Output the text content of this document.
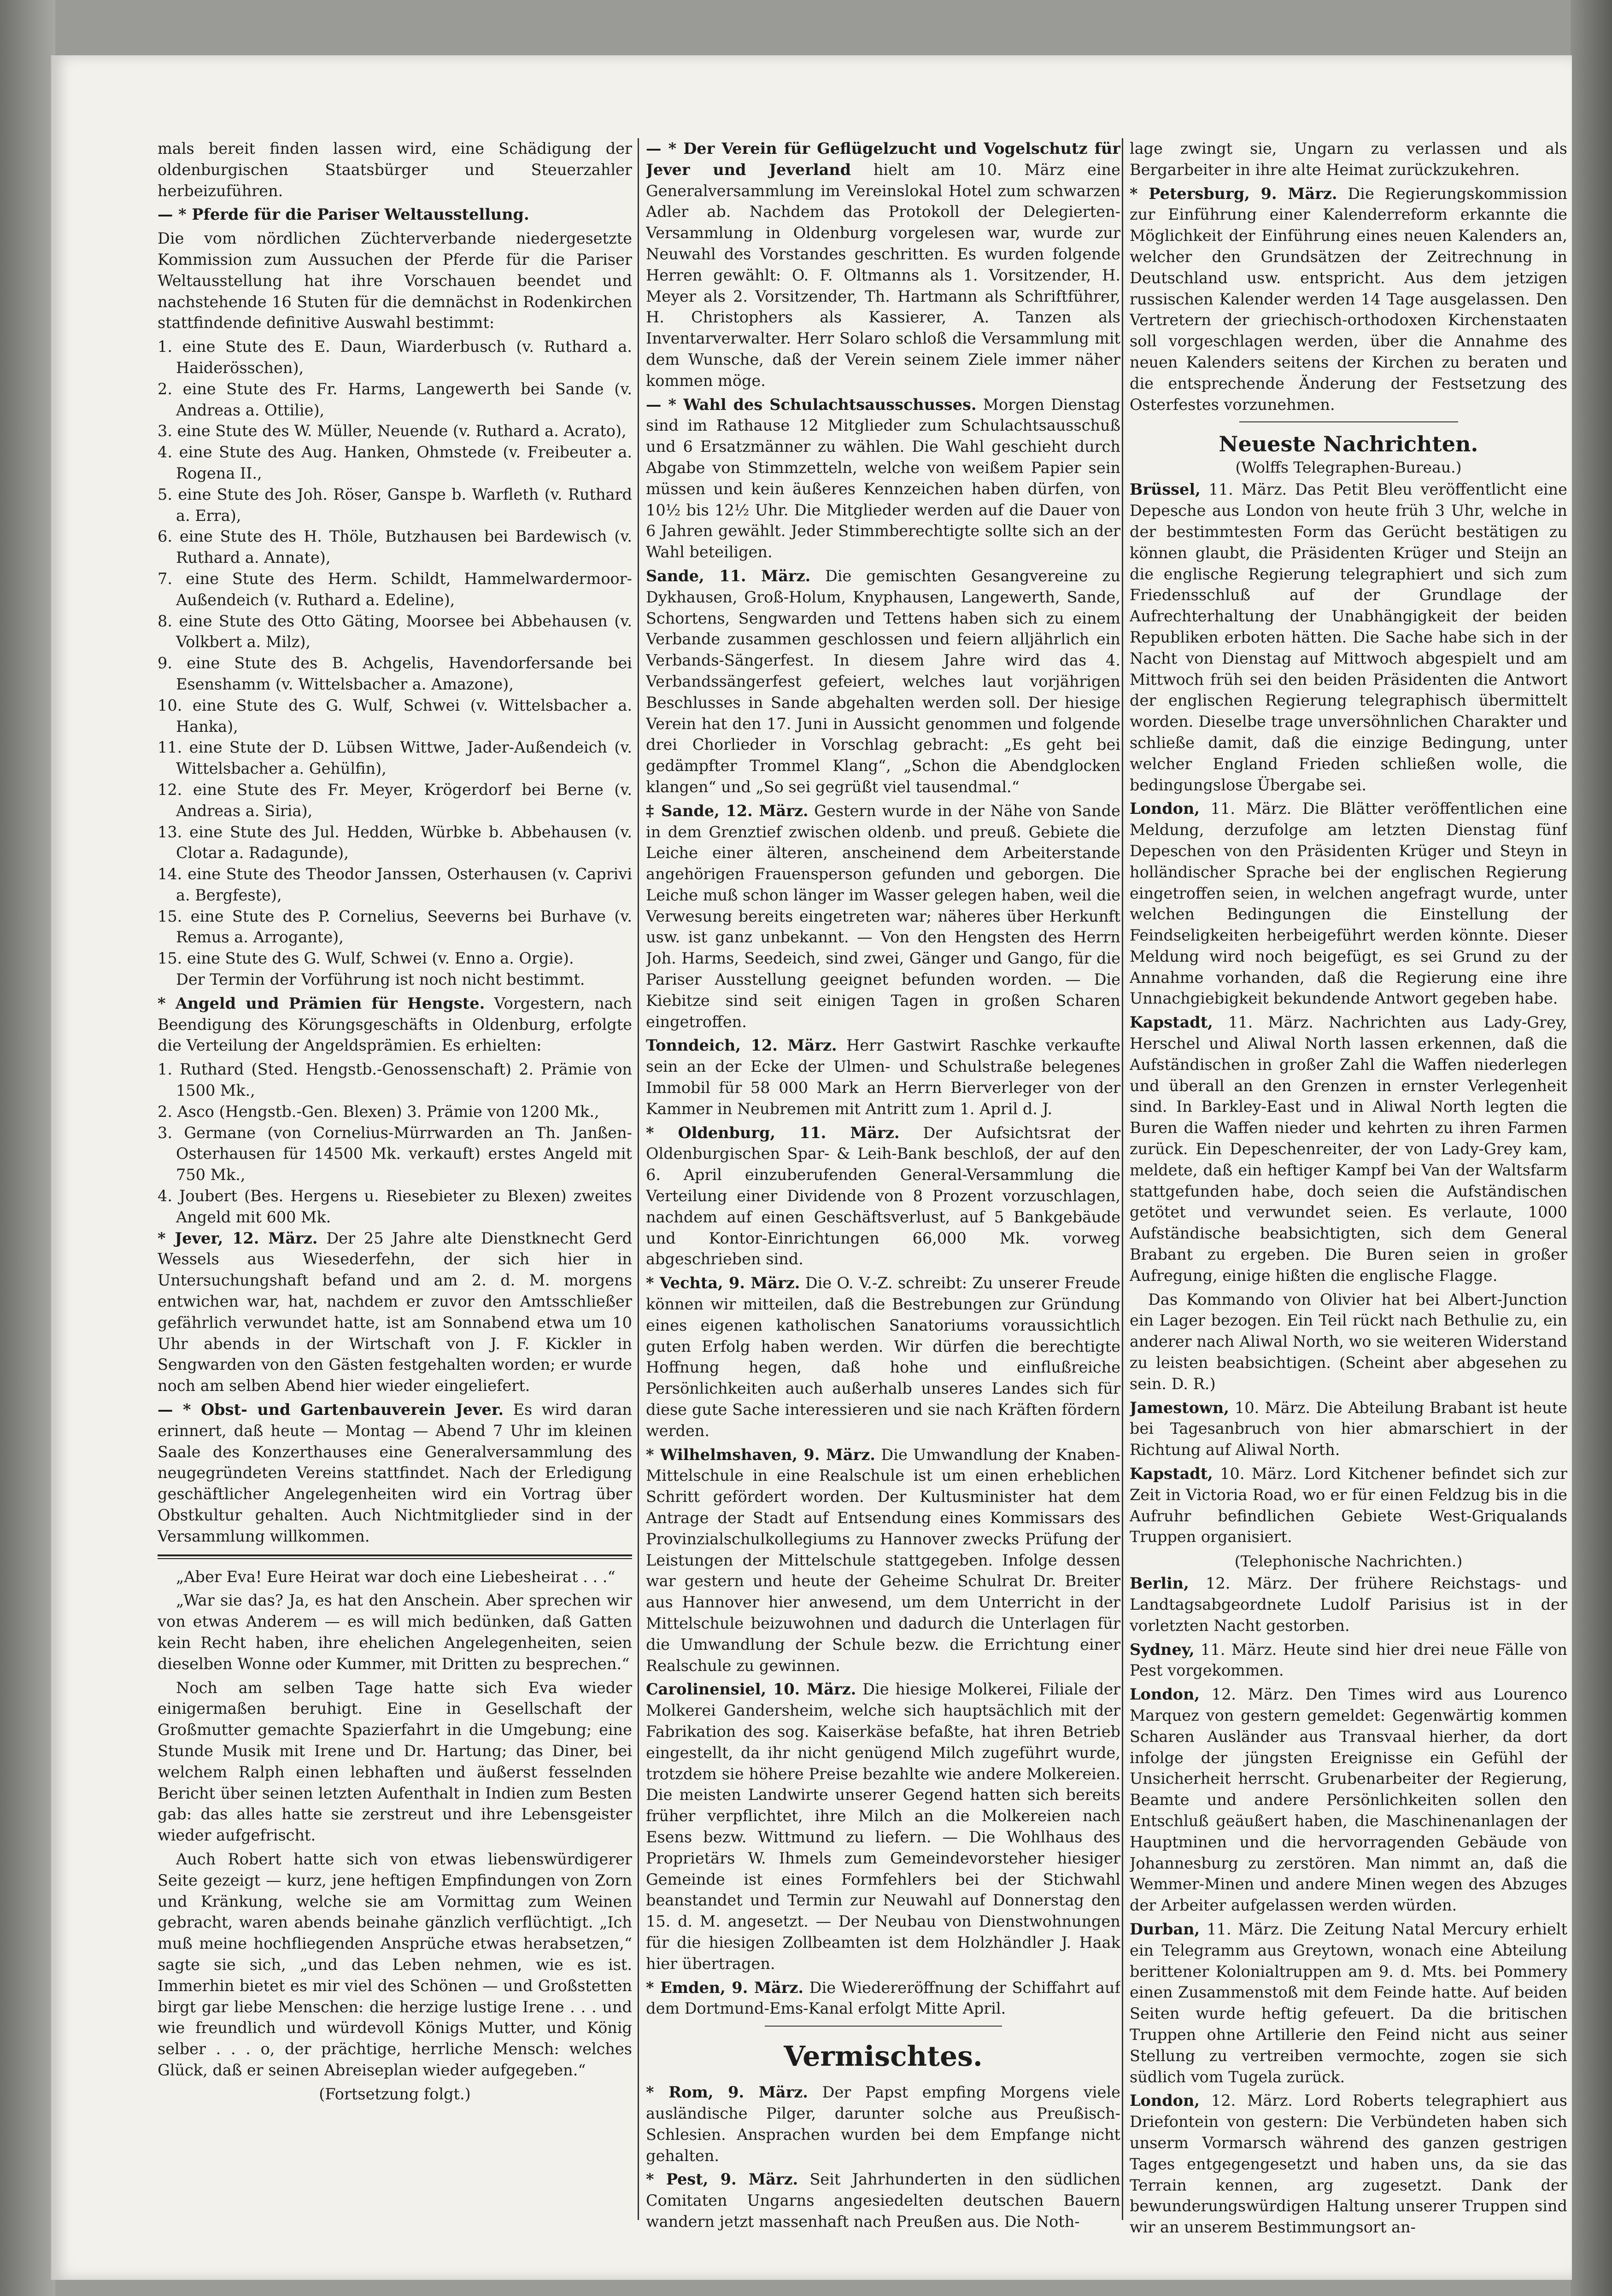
mals bereit finden lassen wird, eine Schädigung der oldenburgischen Staatsbürger und Steuerzahler herbeizuführen.

— * Pferde für die Pariser Weltausstellung.

Die vom nördlichen Züchterverbande niedergesetzte Kommission zum Aussuchen der Pferde für die Pariser Weltausstellung hat ihre Vorschauen beendet und nachstehende 16 Stuten für die demnächst in Rodenkirchen stattfindende definitive Auswahl bestimmt:

1. eine Stute des E. Daun, Wiarderbusch (v. Ruthard a. Haiderösschen),

2. eine Stute des Fr. Harms, Langewerth bei Sande (v. Andreas a. Ottilie),

3. eine Stute des W. Müller, Neuende (v. Ruthard a. Acrato),

4. eine Stute des Aug. Hanken, Ohmstede (v. Freibeuter a. Rogena II.,

5. eine Stute des Joh. Röser, Ganspe b. Warfleth (v. Ruthard a. Erra),

6. eine Stute des H. Thöle, Butzhausen bei Bardewisch (v. Ruthard a. Annate),

7. eine Stute des Herm. Schildt, Hammelwardermoor-Außendeich (v. Ruthard a. Edeline),

8. eine Stute des Otto Gäting, Moorsee bei Abbehausen (v. Volkbert a. Milz),

9. eine Stute des B. Achgelis, Havendorfersande bei Esenshamm (v. Wittelsbacher a. Amazone),

10. eine Stute des G. Wulf, Schwei (v. Wittelsbacher a. Hanka),

11. eine Stute der D. Lübsen Wittwe, Jader-Außendeich (v. Wittelsbacher a. Gehülfin),

12. eine Stute des Fr. Meyer, Krögerdorf bei Berne (v. Andreas a. Siria),

13. eine Stute des Jul. Hedden, Würbke b. Abbehausen (v. Clotar a. Radagunde),

14. eine Stute des Theodor Janssen, Osterhausen (v. Caprivi a. Bergfeste),

15. eine Stute des P. Cornelius, Seeverns bei Burhave (v. Remus a. Arrogante),

15. eine Stute des G. Wulf, Schwei (v. Enno a. Orgie).

Der Termin der Vorführung ist noch nicht bestimmt.

* Angeld und Prämien für Hengste. Vorgestern, nach Beendigung des Körungsgeschäfts in Oldenburg, erfolgte die Verteilung der Angeldsprämien. Es erhielten:

1. Ruthard (Sted. Hengstb.-Genossenschaft) 2. Prämie von 1500 Mk.,

2. Asco (Hengstb.-Gen. Blexen) 3. Prämie von 1200 Mk.,

3. Germane (von Cornelius-Mürrwarden an Th. Janßen-Osterhausen für 14500 Mk. verkauft) erstes Angeld mit 750 Mk.,

4. Joubert (Bes. Hergens u. Riesebieter zu Blexen) zweites Angeld mit 600 Mk.

* Jever, 12. März. Der 25 Jahre alte Dienstknecht Gerd Wessels aus Wiesederfehn, der sich hier in Untersuchungshaft befand und am 2. d. M. morgens entwichen war, hat, nachdem er zuvor den Amtsschließer gefährlich verwundet hatte, ist am Sonnabend etwa um 10 Uhr abends in der Wirtschaft von J. F. Kickler in Sengwarden von den Gästen festgehalten worden; er wurde noch am selben Abend hier wieder eingeliefert.

— * Obst- und Gartenbauverein Jever. Es wird daran erinnert, daß heute — Montag — Abend 7 Uhr im kleinen Saale des Konzerthauses eine Generalversammlung des neugegründeten Vereins stattfindet. Nach der Erledigung geschäftlicher Angelegenheiten wird ein Vortrag über Obstkultur gehalten. Auch Nichtmitglieder sind in der Versammlung willkommen.

„Aber Eva! Eure Heirat war doch eine Liebesheirat . . .“

„War sie das? Ja, es hat den Anschein. Aber sprechen wir von etwas Anderem — es will mich bedünken, daß Gatten kein Recht haben, ihre ehelichen Angelegenheiten, seien dieselben Wonne oder Kummer, mit Dritten zu besprechen.“

Noch am selben Tage hatte sich Eva wieder einigermaßen beruhigt. Eine in Gesellschaft der Großmutter gemachte Spazierfahrt in die Umgebung; eine Stunde Musik mit Irene und Dr. Hartung; das Diner, bei welchem Ralph einen lebhaften und äußerst fesselnden Bericht über seinen letzten Aufenthalt in Indien zum Besten gab: das alles hatte sie zerstreut und ihre Lebensgeister wieder aufgefrischt.

Auch Robert hatte sich von etwas liebenswürdigerer Seite gezeigt — kurz, jene heftigen Empfindungen von Zorn und Kränkung, welche sie am Vormittag zum Weinen gebracht, waren abends beinahe gänzlich verflüchtigt. „Ich muß meine hochfliegenden Ansprüche etwas herabsetzen,“ sagte sie sich, „und das Leben nehmen, wie es ist. Immerhin bietet es mir viel des Schönen — und Großstetten birgt gar liebe Menschen: die herzige lustige Irene . . . und wie freundlich und würdevoll Königs Mutter, und König selber . . . o, der prächtige, herrliche Mensch: welches Glück, daß er seinen Abreiseplan wieder aufgegeben.“

(Fortsetzung folgt.)

— * Der Verein für Geflügelzucht und Vogelschutz für Jever und Jeverland hielt am 10. März eine Generalversammlung im Vereinslokal Hotel zum schwarzen Adler ab. Nachdem das Protokoll der Delegierten-Versammlung in Oldenburg vorgelesen war, wurde zur Neuwahl des Vorstandes geschritten. Es wurden folgende Herren gewählt: O. F. Oltmanns als 1. Vorsitzender, H. Meyer als 2. Vorsitzender, Th. Hartmann als Schriftführer, H. Christophers als Kassierer, A. Tanzen als Inventarverwalter. Herr Solaro schloß die Versammlung mit dem Wunsche, daß der Verein seinem Ziele immer näher kommen möge.

— * Wahl des Schulachtsausschusses. Morgen Dienstag sind im Rathause 12 Mitglieder zum Schulachtsausschuß und 6 Ersatzmänner zu wählen. Die Wahl geschieht durch Abgabe von Stimmzetteln, welche von weißem Papier sein müssen und kein äußeres Kennzeichen haben dürfen, von 10½ bis 12½ Uhr. Die Mitglieder werden auf die Dauer von 6 Jahren gewählt. Jeder Stimmberechtigte sollte sich an der Wahl beteiligen.

Sande, 11. März. Die gemischten Gesangvereine zu Dykhausen, Groß-Holum, Knyphausen, Langewerth, Sande, Schortens, Sengwarden und Tettens haben sich zu einem Verbande zusammen geschlossen und feiern alljährlich ein Verbands-Sängerfest. In diesem Jahre wird das 4. Verbandssängerfest gefeiert, welches laut vorjährigen Beschlusses in Sande abgehalten werden soll. Der hiesige Verein hat den 17. Juni in Aussicht genommen und folgende drei Chorlieder in Vorschlag gebracht: „Es geht bei gedämpfter Trommel Klang“, „Schon die Abendglocken klangen“ und „So sei gegrüßt viel tausendmal.“

‡ Sande, 12. März. Gestern wurde in der Nähe von Sande in dem Grenztief zwischen oldenb. und preuß. Gebiete die Leiche einer älteren, anscheinend dem Arbeiterstande angehörigen Frauensperson gefunden und geborgen. Die Leiche muß schon länger im Wasser gelegen haben, weil die Verwesung bereits eingetreten war; näheres über Herkunft usw. ist ganz unbekannt. — Von den Hengsten des Herrn Joh. Harms, Seedeich, sind zwei, Gänger und Gango, für die Pariser Ausstellung geeignet befunden worden. — Die Kiebitze sind seit einigen Tagen in großen Scharen eingetroffen.

Tonndeich, 12. März. Herr Gastwirt Raschke verkaufte sein an der Ecke der Ulmen- und Schulstraße belegenes Immobil für 58 000 Mark an Herrn Bierverleger von der Kammer in Neubremen mit Antritt zum 1. April d. J.

* Oldenburg, 11. März. Der Aufsichtsrat der Oldenburgischen Spar- & Leih-Bank beschloß, der auf den 6. April einzuberufenden General-Versammlung die Verteilung einer Dividende von 8 Prozent vorzuschlagen, nachdem auf einen Geschäftsverlust, auf 5 Bankgebäude und Kontor-Einrichtungen 66,000 Mk. vorweg abgeschrieben sind.

* Vechta, 9. März. Die O. V.-Z. schreibt: Zu unserer Freude können wir mitteilen, daß die Bestrebungen zur Gründung eines eigenen katholischen Sanatoriums voraussichtlich guten Erfolg haben werden. Wir dürfen die berechtigte Hoffnung hegen, daß hohe und einflußreiche Persönlichkeiten auch außerhalb unseres Landes sich für diese gute Sache interessieren und sie nach Kräften fördern werden.

* Wilhelmshaven, 9. März. Die Umwandlung der Knaben-Mittelschule in eine Realschule ist um einen erheblichen Schritt gefördert worden. Der Kultusminister hat dem Antrage der Stadt auf Entsendung eines Kommissars des Provinzialschulkollegiums zu Hannover zwecks Prüfung der Leistungen der Mittelschule stattgegeben. Infolge dessen war gestern und heute der Geheime Schulrat Dr. Breiter aus Hannover hier anwesend, um dem Unterricht in der Mittelschule beizuwohnen und dadurch die Unterlagen für die Umwandlung der Schule bezw. die Errichtung einer Realschule zu gewinnen.

Carolinensiel, 10. März. Die hiesige Molkerei, Filiale der Molkerei Gandersheim, welche sich hauptsächlich mit der Fabrikation des sog. Kaiserkäse befaßte, hat ihren Betrieb eingestellt, da ihr nicht genügend Milch zugeführt wurde, trotzdem sie höhere Preise bezahlte wie andere Molkereien. Die meisten Landwirte unserer Gegend hatten sich bereits früher verpflichtet, ihre Milch an die Molkereien nach Esens bezw. Wittmund zu liefern. — Die Wohlhaus des Proprietärs W. Ihmels zum Gemeindevorsteher hiesiger Gemeinde ist eines Formfehlers bei der Stichwahl beanstandet und Termin zur Neuwahl auf Donnerstag den 15. d. M. angesetzt. — Der Neubau von Dienstwohnungen für die hiesigen Zollbeamten ist dem Holzhändler J. Haak hier übertragen.

* Emden, 9. März. Die Wiedereröffnung der Schiffahrt auf dem Dortmund-Ems-Kanal erfolgt Mitte April.

Vermischtes.

* Rom, 9. März. Der Papst empfing Morgens viele ausländische Pilger, darunter solche aus Preußisch-Schlesien. Ansprachen wurden bei dem Empfange nicht gehalten.

* Pest, 9. März. Seit Jahrhunderten in den südlichen Comitaten Ungarns angesiedelten deutschen Bauern wandern jetzt massenhaft nach Preußen aus. Die Noth-

lage zwingt sie, Ungarn zu verlassen und als Bergarbeiter in ihre alte Heimat zurückzukehren.

* Petersburg, 9. März. Die Regierungskommission zur Einführung einer Kalenderreform erkannte die Möglichkeit der Einführung eines neuen Kalenders an, welcher den Grundsätzen der Zeitrechnung in Deutschland usw. entspricht. Aus dem jetzigen russischen Kalender werden 14 Tage ausgelassen. Den Vertretern der griechisch-orthodoxen Kirchenstaaten soll vorgeschlagen werden, über die Annahme des neuen Kalenders seitens der Kirchen zu beraten und die entsprechende Änderung der Festsetzung des Osterfestes vorzunehmen.

Neueste Nachrichten.
(Wolffs Telegraphen-Bureau.)

Brüssel, 11. März. Das Petit Bleu veröffentlicht eine Depesche aus London von heute früh 3 Uhr, welche in der bestimmtesten Form das Gerücht bestätigen zu können glaubt, die Präsidenten Krüger und Steijn an die englische Regierung telegraphiert und sich zum Friedensschluß auf der Grundlage der Aufrechterhaltung der Unabhängigkeit der beiden Republiken erboten hätten. Die Sache habe sich in der Nacht von Dienstag auf Mittwoch abgespielt und am Mittwoch früh sei den beiden Präsidenten die Antwort der englischen Regierung telegraphisch übermittelt worden. Dieselbe trage unversöhnlichen Charakter und schließe damit, daß die einzige Bedingung, unter welcher England Frieden schließen wolle, die bedingungslose Übergabe sei.

London, 11. März. Die Blätter veröffentlichen eine Meldung, derzufolge am letzten Dienstag fünf Depeschen von den Präsidenten Krüger und Steyn in holländischer Sprache bei der englischen Regierung eingetroffen seien, in welchen angefragt wurde, unter welchen Bedingungen die Einstellung der Feindseligkeiten herbeigeführt werden könnte. Dieser Meldung wird noch beigefügt, es sei Grund zu der Annahme vorhanden, daß die Regierung eine ihre Unnachgiebigkeit bekundende Antwort gegeben habe.

Kapstadt, 11. März. Nachrichten aus Lady-Grey, Herschel und Aliwal North lassen erkennen, daß die Aufständischen in großer Zahl die Waffen niederlegen und überall an den Grenzen in ernster Verlegenheit sind. In Barkley-East und in Aliwal North legten die Buren die Waffen nieder und kehrten zu ihren Farmen zurück. Ein Depeschenreiter, der von Lady-Grey kam, meldete, daß ein heftiger Kampf bei Van der Waltsfarm stattgefunden habe, doch seien die Aufständischen getötet und verwundet seien. Es verlaute, 1000 Aufständische beabsichtigten, sich dem General Brabant zu ergeben. Die Buren seien in großer Aufregung, einige hißten die englische Flagge.

Das Kommando von Olivier hat bei Albert-Junction ein Lager bezogen. Ein Teil rückt nach Bethulie zu, ein anderer nach Aliwal North, wo sie weiteren Widerstand zu leisten beabsichtigen. (Scheint aber abgesehen zu sein. D. R.)

Jamestown, 10. März. Die Abteilung Brabant ist heute bei Tagesanbruch von hier abmarschiert in der Richtung auf Aliwal North.

Kapstadt, 10. März. Lord Kitchener befindet sich zur Zeit in Victoria Road, wo er für einen Feldzug bis in die Aufruhr befindlichen Gebiete West-Griqualands Truppen organisiert.

(Telephonische Nachrichten.)

Berlin, 12. März. Der frühere Reichstags- und Landtagsabgeordnete Ludolf Parisius ist in der vorletzten Nacht gestorben.

Sydney, 11. März. Heute sind hier drei neue Fälle von Pest vorgekommen.

London, 12. März. Den Times wird aus Lourenco Marquez von gestern gemeldet: Gegenwärtig kommen Scharen Ausländer aus Transvaal hierher, da dort infolge der jüngsten Ereignisse ein Gefühl der Unsicherheit herrscht. Grubenarbeiter der Regierung, Beamte und andere Persönlichkeiten sollen den Entschluß geäußert haben, die Maschinenanlagen der Hauptminen und die hervorragenden Gebäude von Johannesburg zu zerstören. Man nimmt an, daß die Wemmer-Minen und andere Minen wegen des Abzuges der Arbeiter aufgelassen werden würden.

Durban, 11. März. Die Zeitung Natal Mercury erhielt ein Telegramm aus Greytown, wonach eine Abteilung berittener Kolonialtruppen am 9. d. Mts. bei Pommery einen Zusammenstoß mit dem Feinde hatte. Auf beiden Seiten wurde heftig gefeuert. Da die britischen Truppen ohne Artillerie den Feind nicht aus seiner Stellung zu vertreiben vermochte, zogen sie sich südlich vom Tugela zurück.

London, 12. März. Lord Roberts telegraphiert aus Driefontein von gestern: Die Verbündeten haben sich unserm Vormarsch während des ganzen gestrigen Tages entgegengesetzt und haben uns, da sie das Terrain kennen, arg zugesetzt. Dank der bewunderungswürdigen Haltung unserer Truppen sind wir an unserem Bestimmungsort an-
